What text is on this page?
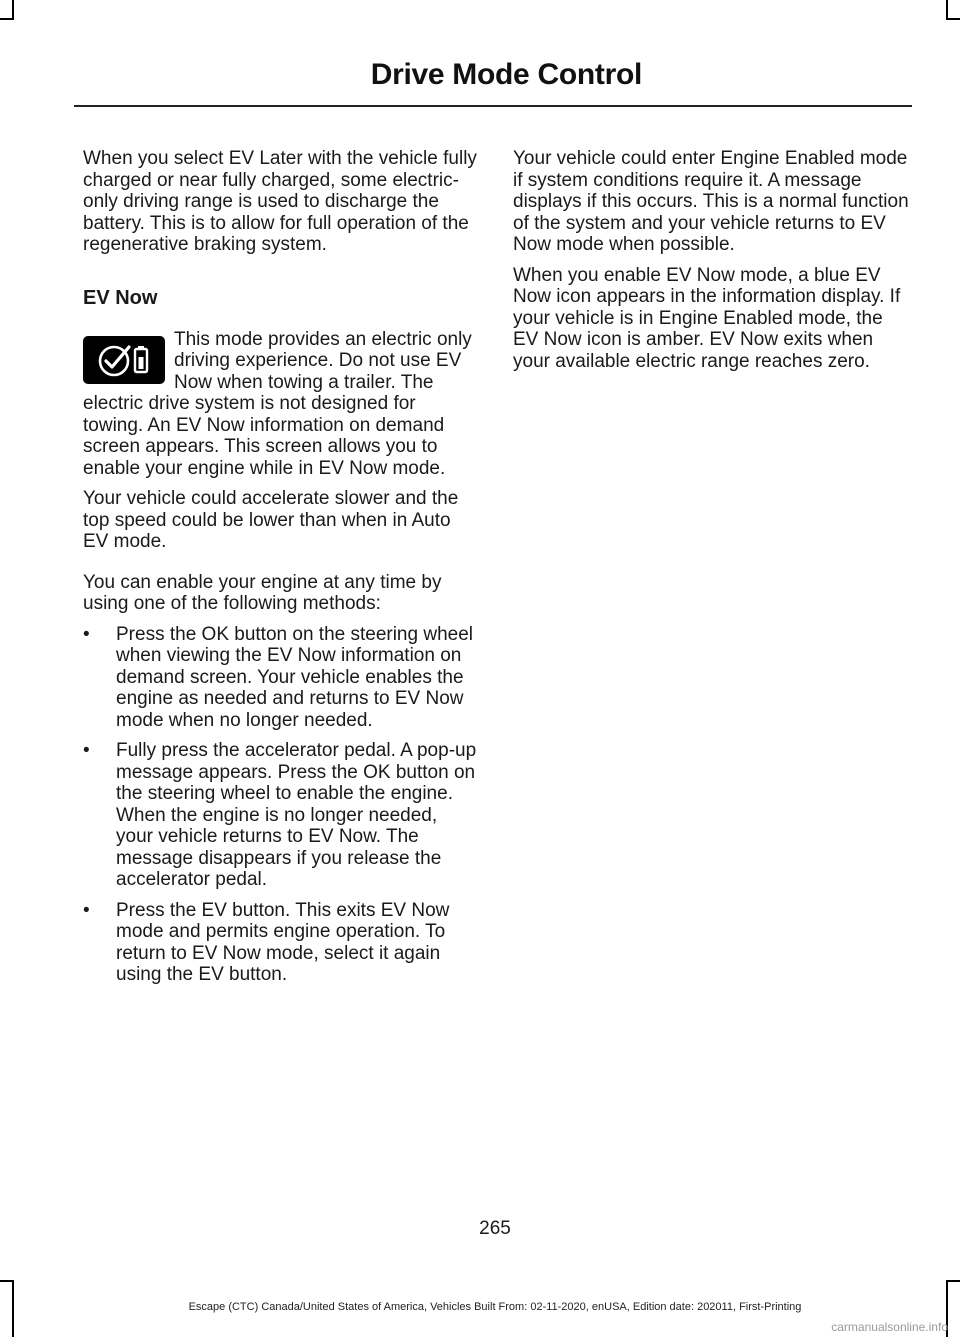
Drive Mode Control

When you select EV Later with the vehicle fully charged or near fully charged, some electric-only driving range is used to discharge the battery. This is to allow for full operation of the regenerative braking system.

EV Now

This mode provides an electric only driving experience. Do not use EV Now when towing a trailer. The electric drive system is not designed for towing. An EV Now information on demand screen appears. This screen allows you to enable your engine while in EV Now mode.

Your vehicle could accelerate slower and the top speed could be lower than when in Auto EV mode.

You can enable your engine at any time by using one of the following methods:

• Press the OK button on the steering wheel when viewing the EV Now information on demand screen. Your vehicle enables the engine as needed and returns to EV Now mode when no longer needed.
• Fully press the accelerator pedal. A pop-up message appears. Press the OK button on the steering wheel to enable the engine. When the engine is no longer needed, your vehicle returns to EV Now. The message disappears if you release the accelerator pedal.
• Press the EV button. This exits EV Now mode and permits engine operation. To return to EV Now mode, select it again using the EV button.

Your vehicle could enter Engine Enabled mode if system conditions require it. A message displays if this occurs. This is a normal function of the system and your vehicle returns to EV Now mode when possible.

When you enable EV Now mode, a blue EV Now icon appears in the information display. If your vehicle is in Engine Enabled mode, the EV Now icon is amber. EV Now exits when your available electric range reaches zero.

265
Escape (CTC) Canada/United States of America, Vehicles Built From: 02-11-2020, enUSA, Edition date: 202011, First-Printing
carmanualsonline.info
